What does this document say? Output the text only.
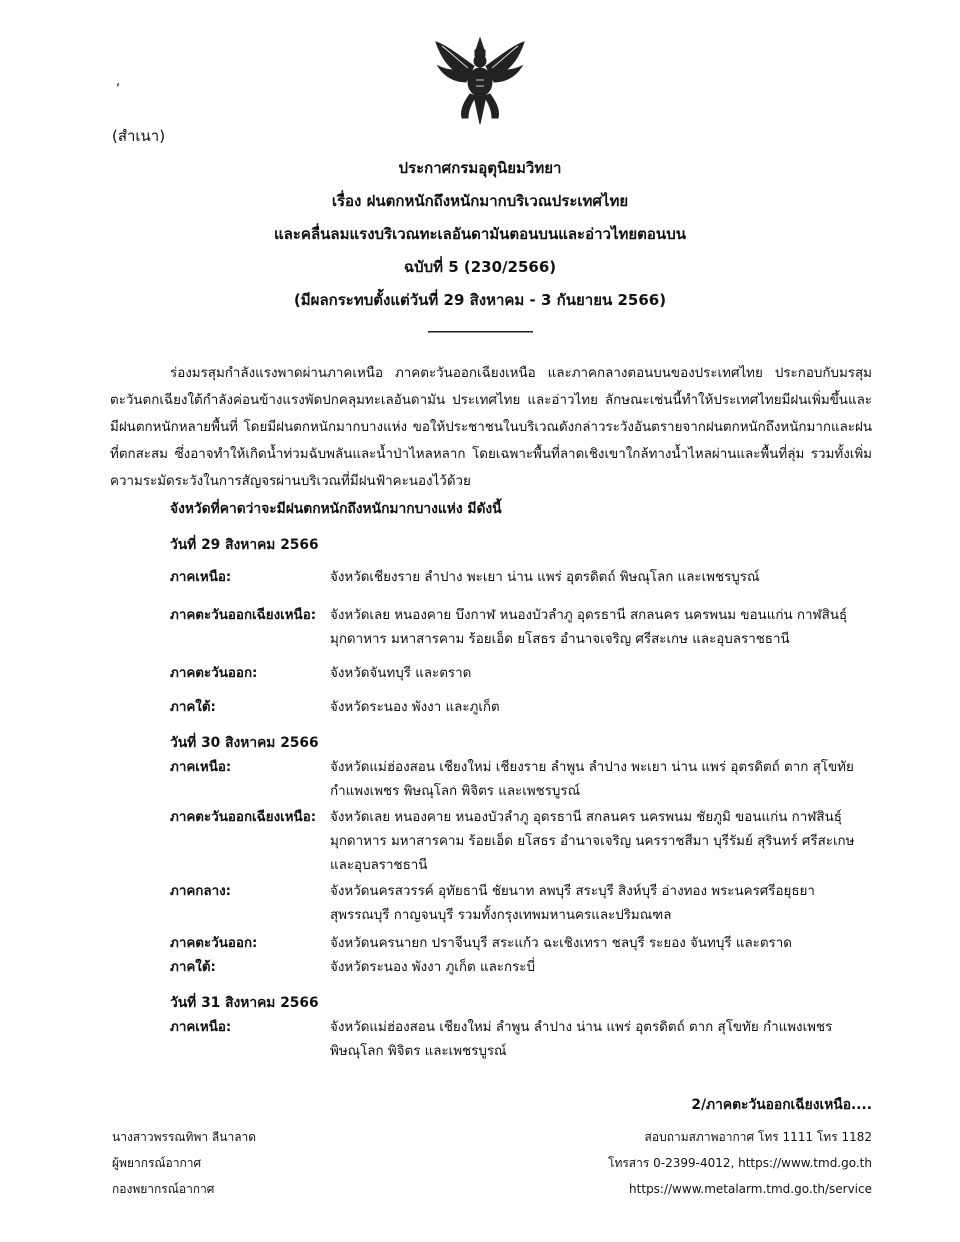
‘
(สำเนา)
ประกาศกรมอุตุนิยมวิทยา
เรื่อง ฝนตกหนักถึงหนักมากบริเวณประเทศไทย
และคลื่นลมแรงบริเวณทะเลอันดามันตอนบนและอ่าวไทยตอนบน
ฉบับที่ 5 (230/2566)
(มีผลกระทบตั้งแต่วันที่ 29 สิงหาคม - 3 กันยายน 2566)
________________

ร่องมรสุมกำลังแรงพาดผ่านภาคเหนือ ภาคตะวันออกเฉียงเหนือ และภาคกลางตอนบนของประเทศไทย ประกอบกับมรสุมตะวันตกเฉียงใต้กำลังค่อนข้างแรงพัดปกคลุมทะเลอันดามัน ประเทศไทย และอ่าวไทย ลักษณะเช่นนี้ทำให้ประเทศไทยมีฝนเพิ่มขึ้นและมีฝนตกหนักหลายพื้นที่ โดยมีฝนตกหนักมากบางแห่ง ขอให้ประชาชนในบริเวณดังกล่าวระวังอันตรายจากฝนตกหนักถึงหนักมากและฝนที่ตกสะสม ซึ่งอาจทำให้เกิดน้ำท่วมฉับพลันและน้ำป่าไหลหลาก โดยเฉพาะพื้นที่ลาดเชิงเขาใกล้ทางน้ำไหลผ่านและพื้นที่ลุ่ม รวมทั้งเพิ่มความระมัดระวังในการสัญจรผ่านบริเวณที่มีฝนฟ้าคะนองไว้ด้วย

จังหวัดที่คาดว่าจะมีฝนตกหนักถึงหนักมากบางแห่ง มีดังนี้
วันที่ 29 สิงหาคม 2566
ภาคเหนือ:	จังหวัดเชียงราย ลำปาง พะเยา น่าน แพร่ อุตรดิตถ์ พิษณุโลก และเพชรบูรณ์
ภาคตะวันออกเฉียงเหนือ:	จังหวัดเลย หนองคาย บึงกาฬ หนองบัวลำภู อุดรธานี สกลนคร นครพนม ขอนแก่น กาฬสินธุ์ มุกดาหาร มหาสารคาม ร้อยเอ็ด ยโสธร อำนาจเจริญ ศรีสะเกษ และอุบลราชธานี
ภาคตะวันออก:	จังหวัดจันทบุรี และตราด
ภาคใต้:	จังหวัดระนอง พังงา และภูเก็ต
วันที่ 30 สิงหาคม 2566
ภาคเหนือ:	จังหวัดแม่ฮ่องสอน เชียงใหม่ เชียงราย ลำพูน ลำปาง พะเยา น่าน แพร่ อุตรดิตถ์ ตาก สุโขทัย กำแพงเพชร พิษณุโลก พิจิตร และเพชรบูรณ์
ภาคตะวันออกเฉียงเหนือ:	จังหวัดเลย หนองคาย หนองบัวลำภู อุดรธานี สกลนคร นครพนม ชัยภูมิ ขอนแก่น กาฬสินธุ์ มุกดาหาร มหาสารคาม ร้อยเอ็ด ยโสธร อำนาจเจริญ นครราชสีมา บุรีรัมย์ สุรินทร์ ศรีสะเกษ และอุบลราชธานี
ภาคกลาง:	จังหวัดนครสวรรค์ อุทัยธานี ชัยนาท ลพบุรี สระบุรี สิงห์บุรี อ่างทอง พระนครศรีอยุธยา สุพรรณบุรี กาญจนบุรี รวมทั้งกรุงเทพมหานครและปริมณฑล
ภาคตะวันออก:	จังหวัดนครนายก ปราจีนบุรี สระแก้ว ฉะเชิงเทรา ชลบุรี ระยอง จันทบุรี และตราด
ภาคใต้:	จังหวัดระนอง พังงา ภูเก็ต และกระบี่
วันที่ 31 สิงหาคม 2566
ภาคเหนือ:	จังหวัดแม่ฮ่องสอน เชียงใหม่ ลำพูน ลำปาง น่าน แพร่ อุตรดิตถ์ ตาก สุโขทัย กำแพงเพชร พิษณุโลก พิจิตร และเพชรบูรณ์
2/ภาคตะวันออกเฉียงเหนือ....
นางสาวพรรณทิพา ลีนาลาด
ผู้พยากรณ์อากาศ
กองพยากรณ์อากาศ
สอบถามสภาพอากาศ โทร 1111 โทร 1182
โทรสาร 0-2399-4012, https://www.tmd.go.th
https://www.metalarm.tmd.go.th/service
